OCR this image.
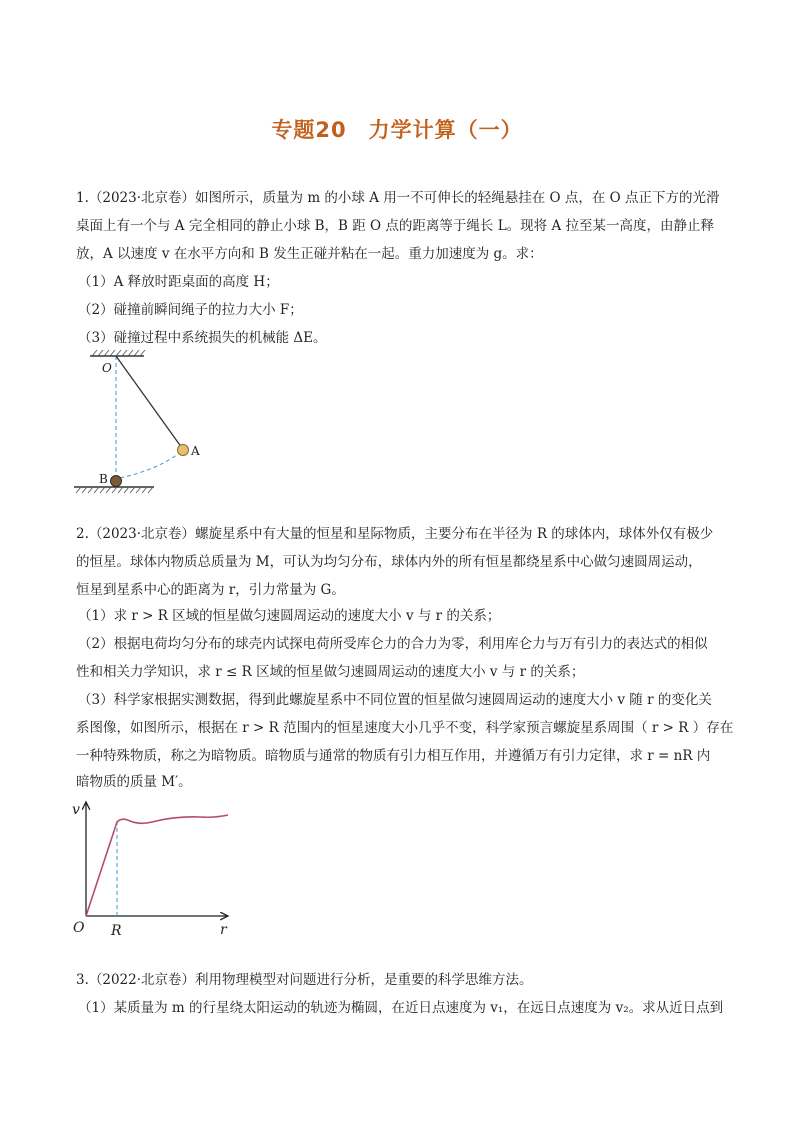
专题20　力学计算（一）
1.（2023·北京卷）如图所示，质量为 m 的小球 A 用一不可伸长的轻绳悬挂在 O 点，在 O 点正下方的光滑
桌面上有一个与 A 完全相同的静止小球 B，B 距 O 点的距离等于绳长 L。现将 A 拉至某一高度，由静止释
放，A 以速度 v 在水平方向和 B 发生正碰并粘在一起。重力加速度为 g。求：
（1）A 释放时距桌面的高度 H；
（2）碰撞前瞬间绳子的拉力大小 F；
（3）碰撞过程中系统损失的机械能 ΔE。
O
A
B
2.（2023·北京卷）螺旋星系中有大量的恒星和星际物质，主要分布在半径为 R 的球体内，球体外仅有极少
的恒星。球体内物质总质量为 M，可认为均匀分布，球体内外的所有恒星都绕星系中心做匀速圆周运动，
恒星到星系中心的距离为 r，引力常量为 G。
（1）求 r > R 区域的恒星做匀速圆周运动的速度大小 v 与 r 的关系；
（2）根据电荷均匀分布的球壳内试探电荷所受库仑力的合力为零，利用库仑力与万有引力的表达式的相似
性和相关力学知识，求 r ≤ R 区域的恒星做匀速圆周运动的速度大小 v 与 r 的关系；
（3）科学家根据实测数据，得到此螺旋星系中不同位置的恒星做匀速圆周运动的速度大小 v 随 r 的变化关
系图像，如图所示，根据在 r > R 范围内的恒星速度大小几乎不变，科学家预言螺旋星系周围（ r > R ）存在
一种特殊物质，称之为暗物质。暗物质与通常的物质有引力相互作用，并遵循万有引力定律，求 r = nR 内
暗物质的质量 M′。
v
O R	r
3.（2022·北京卷）利用物理模型对问题进行分析，是重要的科学思维方法。
（1）某质量为 m 的行星绕太阳运动的轨迹为椭圆，在近日点速度为 v₁，在远日点速度为 v₂。求从近日点到
